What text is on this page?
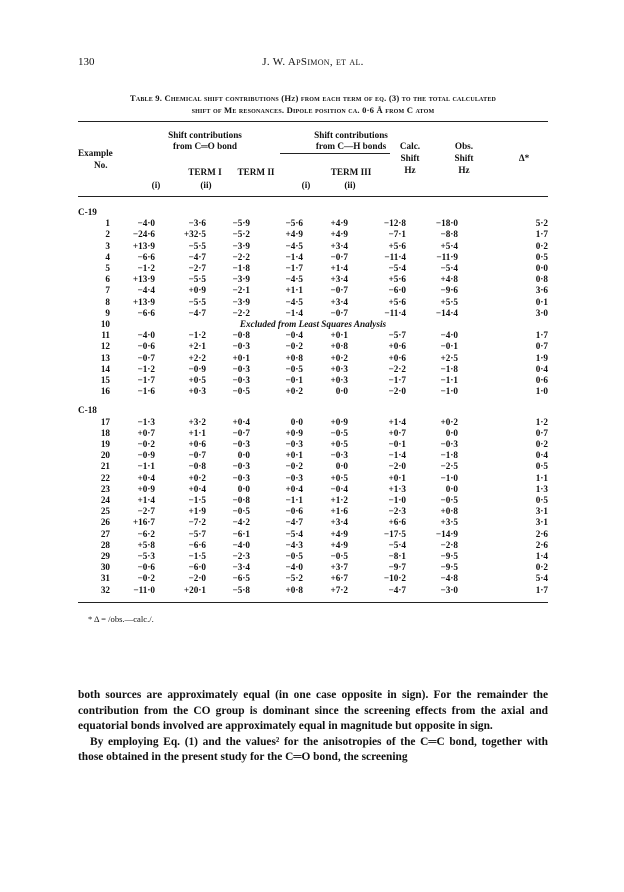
130	J. W. ApSimon, et al.
Table 9. Chemical shift contributions (Hz) from each term of eq. (3) to the total calculated
shift of Me resonances. Dipole position ca. 0·6 Å from C atom
Example
No.
Shift contributions
from C═O bond
Shift contributions
from C—H bonds	Calc.
Shift
Hz
Obs.
Shift
Hz
Δ*
TERM I	TERM II	TERM III
(i)	(ii)	(i)	(ii)
C-19
1	−4·0	−3·6	−5·9	−5·6	+4·9	−12·8	−18·0	5·2
2	−24·6	+32·5	−5·2	+4·9	+4·9	−7·1	−8·8	1·7
3	+13·9	−5·5	−3·9	−4·5	+3·4	+5·6	+5·4	0·2
4	−6·6	−4·7	−2·2	−1·4	−0·7	−11·4	−11·9	0·5
5	−1·2	−2·7	−1·8	−1·7	+1·4	−5·4	−5·4	0·0
6	+13·9	−5·5	−3·9	−4·5	+3·4	+5·6	+4·8	0·8
7	−4·4	+0·9	−2·1	+1·1	−0·7	−6·0	−9·6	3·6
8	+13·9	−5·5	−3·9	−4·5	+3·4	+5·6	+5·5	0·1
9	−6·6	−4·7	−2·2	−1·4	−0·7	−11·4	−14·4	3·0
10	Excluded from Least Squares Analysis
11	−4·0	−1·2	−0·8	−0·4	+0·1	−5·7	−4·0	1·7
12	−0·6	+2·1	−0·3	−0·2	+0·8	+0·6	−0·1	0·7
13	−0·7	+2·2	+0·1	+0·8	+0·2	+0·6	+2·5	1·9
14	−1·2	−0·9	−0·3	−0·5	+0·3	−2·2	−1·8	0·4
15	−1·7	+0·5	−0·3	−0·1	+0·3	−1·7	−1·1	0·6
16	−1·6	+0·3	−0·5	+0·2	0·0	−2·0	−1·0	1·0
C-18
17	−1·3	+3·2	+0·4	0·0	+0·9	+1·4	+0·2	1·2
18	+0·7	+1·1	−0·7	+0·9	−0·5	+0·7	0·0	0·7
19	−0·2	+0·6	−0·3	−0·3	+0·5	−0·1	−0·3	0·2
20	−0·9	−0·7	0·0	+0·1	−0·3	−1·4	−1·8	0·4
21	−1·1	−0·8	−0·3	−0·2	0·0	−2·0	−2·5	0·5
22	+0·4	+0·2	−0·3	−0·3	+0·5	+0·1	−1·0	1·1
23	+0·9	+0·4	0·0	+0·4	−0·4	+1·3	0·0	1·3
24	+1·4	−1·5	−0·8	−1·1	+1·2	−1·0	−0·5	0·5
25	−2·7	+1·9	−0·5	−0·6	+1·6	−2·3	+0·8	3·1
26	+16·7	−7·2	−4·2	−4·7	+3·4	+6·6	+3·5	3·1
27	−6·2	−5·7	−6·1	−5·4	+4·9	−17·5	−14·9	2·6
28	+5·8	−6·6	−4·0	−4·3	+4·9	−5·4	−2·8	2·6
29	−5·3	−1·5	−2·3	−0·5	−0·5	−8·1	−9·5	1·4
30	−0·6	−6·0	−3·4	−4·0	+3·7	−9·7	−9·5	0·2
31	−0·2	−2·0	−6·5	−5·2	+6·7	−10·2	−4·8	5·4
32	−11·0	+20·1	−5·8	+0·8	+7·2	−4·7	−3·0	1·7
* Δ = /obs.—calc./.

both sources are approximately equal (in one case opposite in sign). For the remainder the contribution from the CO group is dominant since the screening effects from the axial and equatorial bonds involved are approximately equal in magnitude but opposite in sign.

By employing Eq. (1) and the values² for the anisotropies of the C═C bond, together with those obtained in the present study for the C═O bond, the screening
